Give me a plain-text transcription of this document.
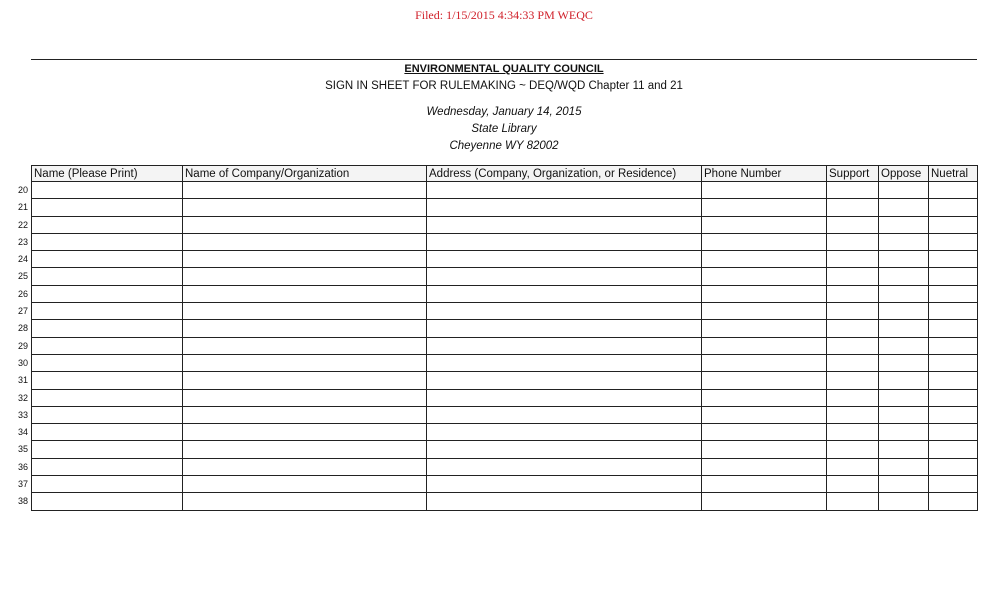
Filed: 1/15/2015 4:34:33 PM WEQC
ENVIRONMENTAL QUALITY COUNCIL
SIGN IN SHEET FOR RULEMAKING ~ DEQ/WQD Chapter 11 and 21
Wednesday, January 14, 2015
State Library
Cheyenne WY 82002
Name (Please Print)	Name of Company/Organization	Address (Company, Organization, or Residence)	Phone Number	Support	Oppose	Nuetral

20
21
22
23
24
25
26
27
28
29
30
31
32
33
34
35
36
37
38
